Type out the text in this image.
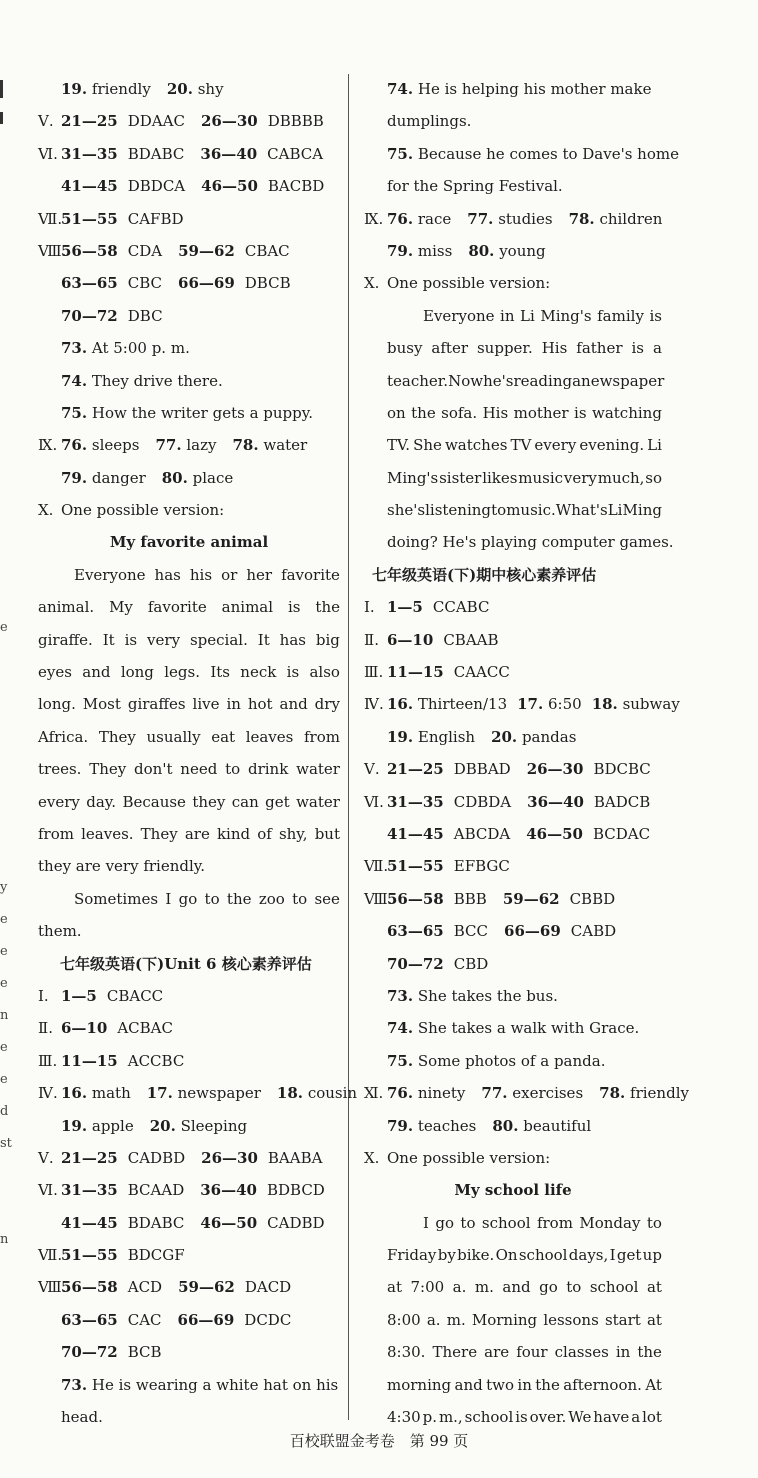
e
y
e
e
e
n
e
e
d
st
n
19. friendly 20. shy
Ⅴ. 21—25 DDAAC 26—30 DBBBB
Ⅵ. 31—35 BDABC 36—40 CABCA
41—45 DBDCA 46—50 BACBD
Ⅶ.51—55 CAFBD
Ⅷ.56—58 CDA 59—62 CBAC
63—65 CBC 66—69 DBCB
70—72 DBC
73. At 5:00 p. m.
74. They drive there.
75. How the writer gets a puppy.
Ⅸ. 76. sleeps 77. lazy 78. water
79. danger 80. place
Ⅹ. One possible version:
My favorite animal
Everyone has his or her favorite
animal. My favorite animal is the
giraffe. It is very special. It has big
eyes and long legs. Its neck is also
long. Most giraffes live in hot and dry
Africa. They usually eat leaves from
trees. They don't need to drink water
every day. Because they can get water
from leaves. They are kind of shy, but
they are very friendly.
Sometimes I go to the zoo to see
them.
七年级英语(下)Unit 6 核心素养评估
Ⅰ. 1—5 CBACC
Ⅱ. 6—10 ACBAC
Ⅲ. 11—15 ACCBC
Ⅳ. 16. math 17. newspaper 18. cousin
19. apple 20. Sleeping
Ⅴ. 21—25 CADBD 26—30 BAABA
Ⅵ. 31—35 BCAAD 36—40 BDBCD
41—45 BDABC 46—50 CADBD
Ⅶ.51—55 BDCGF
Ⅷ.56—58 ACD 59—62 DACD
63—65 CAC 66—69 DCDC
70—72 BCB
73. He is wearing a white hat on his
head.
74. He is helping his mother make
dumplings.
75. Because he comes to Dave's home
for the Spring Festival.
Ⅸ. 76. race 77. studies 78. children
79. miss 80. young
Ⅹ. One possible version:
Everyone in Li Ming's family is
busy after supper. His father is a
teacher. Now he's reading a newspaper
on the sofa. His mother is watching
TV. She watches TV every evening. Li
Ming's sister likes music very much, so
she's listening to music. What's Li Ming
doing? He's playing computer games.
七年级英语(下)期中核心素养评估
Ⅰ. 1—5 CCABC
Ⅱ. 6—10 CBAAB
Ⅲ. 11—15 CAACC
Ⅳ. 16. Thirteen/13 17. 6:50 18. subway
19. English 20. pandas
Ⅴ. 21—25 DBBAD 26—30 BDCBC
Ⅵ. 31—35 CDBDA 36—40 BADCB
41—45 ABCDA 46—50 BCDAC
Ⅶ.51—55 EFBGC
Ⅷ.56—58 BBB 59—62 CBBD
63—65 BCC 66—69 CABD
70—72 CBD
73. She takes the bus.
74. She takes a walk with Grace.
75. Some photos of a panda.
Ⅺ. 76. ninety 77. exercises 78. friendly
79. teaches 80. beautiful
Ⅹ. One possible version:
My school life
I go to school from Monday to
Friday by bike. On school days, I get up
at 7:00 a. m. and go to school at
8:00 a. m. Morning lessons start at
8:30. There are four classes in the
morning and two in the afternoon. At
4:30 p. m., school is over. We have a lot
百校联盟金考卷　第 99 页
